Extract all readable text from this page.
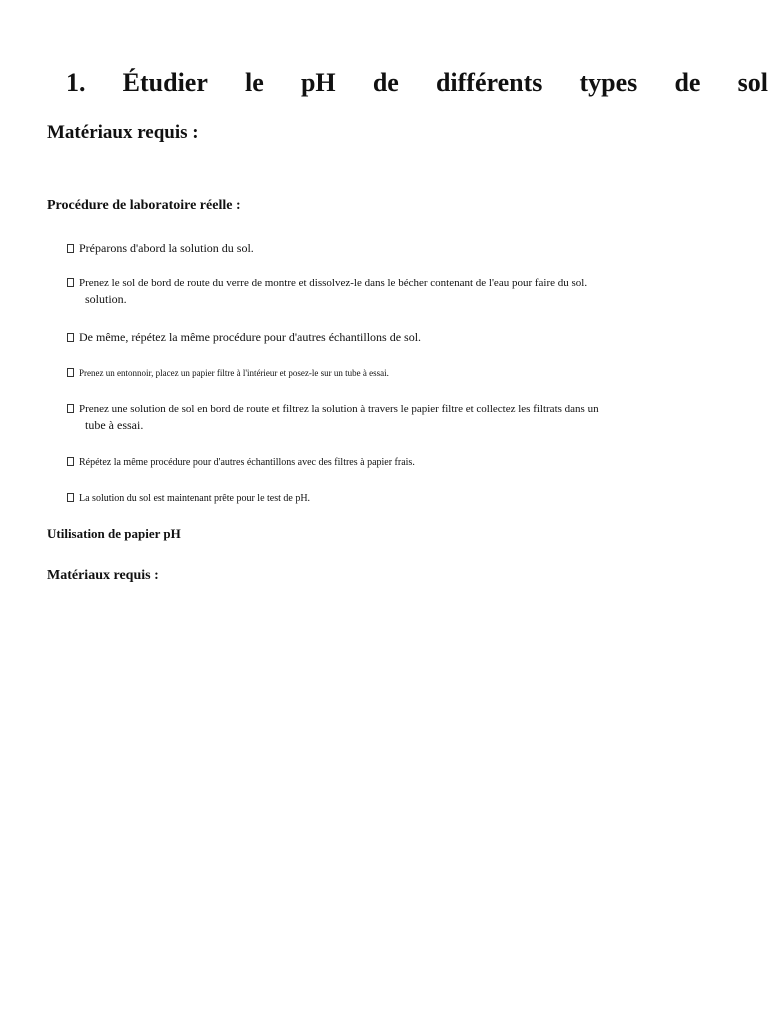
1. Étudier le pH de différents types de sol
Matériaux requis :
Procédure de laboratoire réelle :
Préparons d'abord la solution du sol.
Prenez le sol de bord de route du verre de montre et dissolvez-le dans le bécher contenant de l'eau pour faire du sol.
solution.
De même, répétez la même procédure pour d'autres échantillons de sol.
Prenez un entonnoir, placez un papier filtre à l'intérieur et posez-le sur un tube à essai.
Prenez une solution de sol en bord de route et filtrez la solution à travers le papier filtre et collectez les filtrats dans un
tube à essai.
Répétez la même procédure pour d'autres échantillons avec des filtres à papier frais.
La solution du sol est maintenant prête pour le test de pH.
Utilisation de papier pH
Matériaux requis :
